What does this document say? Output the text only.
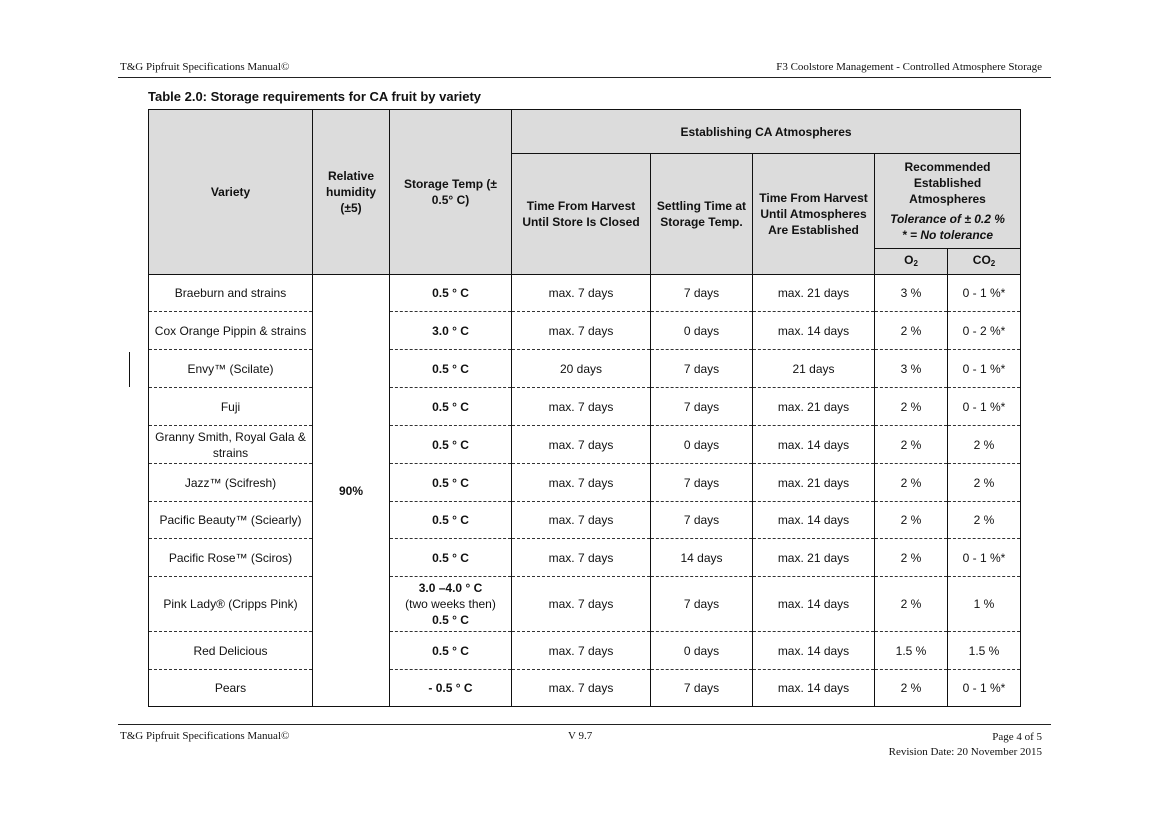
T&G Pipfruit Specifications Manual©	F3 Coolstore Management - Controlled Atmosphere Storage
Table 2.0: Storage requirements for CA fruit by variety
Variety	Relative humidity (±5)	Storage Temp (± 0.5° C)	Establishing CA Atmospheres				
			Time From Harvest Until Store Is Closed	Settling Time at Storage Temp.	Time From Harvest Until Atmospheres Are Established	Recommended Established Atmospheres
Tolerance of ± 0.2 %
* = No tolerance	

						$O_2$	$CO_2$
Braeburn and strains	90%	0.5 ° C	max. 7 days	7 days	max. 21 days	3 %	0 - 1 %*
Cox Orange Pippin & strains		3.0 ° C	max. 7 days	0 days	max. 14 days	2 %	0 - 2 %*
Envy™ (Scilate)		0.5 ° C	20 days	7 days	21 days	3 %	0 - 1 %*
Fuji		0.5 ° C	max. 7 days	7 days	max. 21 days	2 %	0 - 1 %*
Granny Smith, Royal Gala & strains		0.5 ° C	max. 7 days	0 days	max. 14 days	2 %	2 %
Jazz™ (Scifresh)		0.5 ° C	max. 7 days	7 days	max. 21 days	2 %	2 %
Pacific Beauty™ (Sciearly)		0.5 ° C	max. 7 days	7 days	max. 14 days	2 %	2 %
Pacific Rose™ (Sciros)		0.5 ° C	max. 7 days	14 days	max. 21 days	2 %	0 - 1 %*
Pink Lady® (Cripps Pink)		3.0 –4.0 ° C
(two weeks then)
0.5 ° C	max. 7 days	7 days	max. 14 days	2 %	1 %
Red Delicious		0.5 ° C	max. 7 days	0 days	max. 14 days	1.5 %	1.5 %
Pears		- 0.5 ° C	max. 7 days	7 days	max. 14 days	2 %	0 - 1 %*
T&G Pipfruit Specifications Manual©	V 9.7	Page 4 of 5
Revision Date: 20 November 2015
